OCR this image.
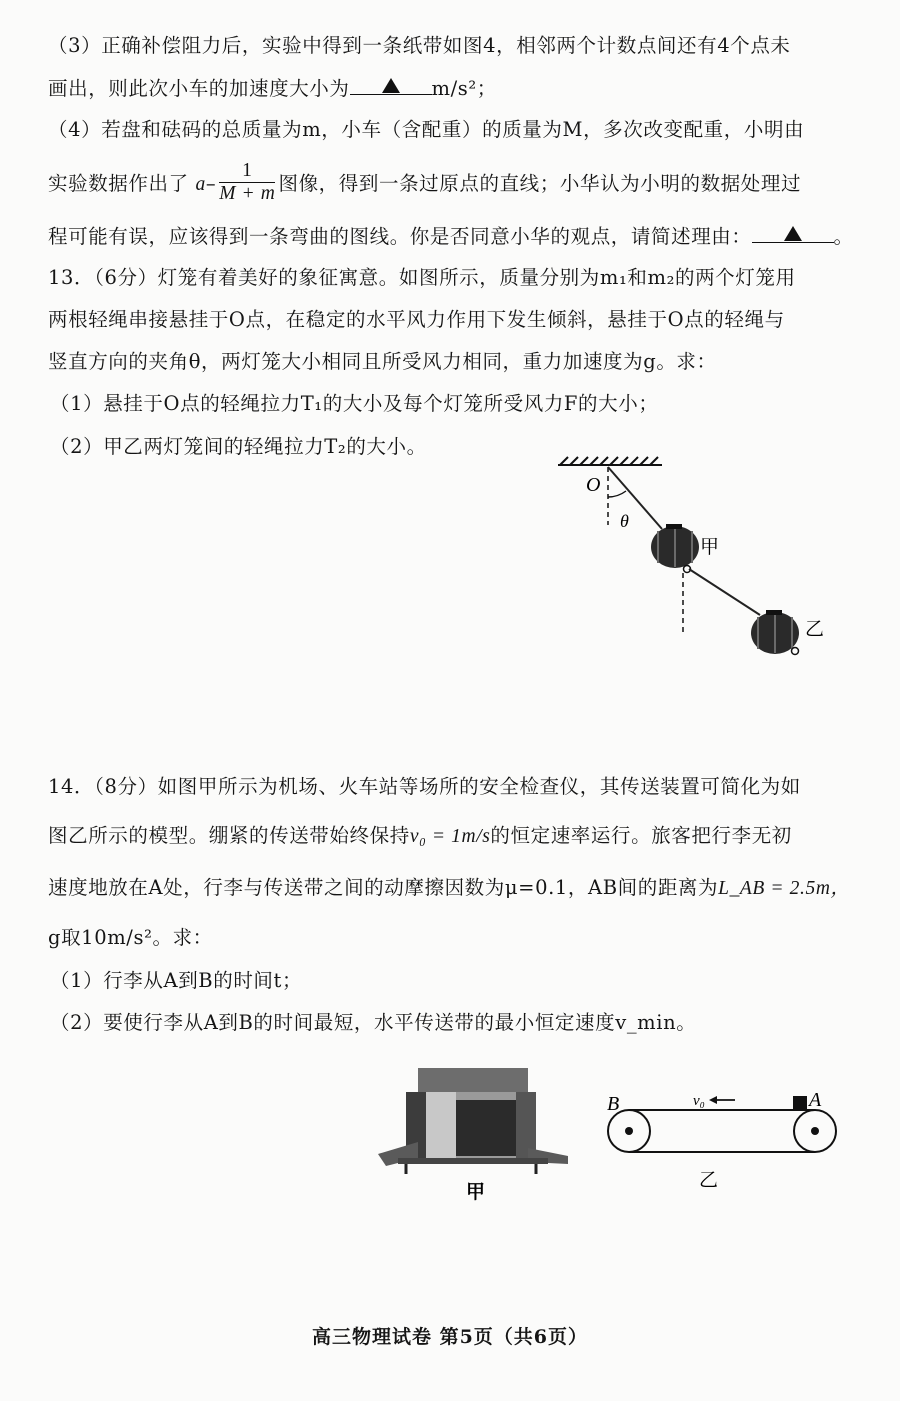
（3）正确补偿阻力后，实验中得到一条纸带如图4，相邻两个计数点间还有4个点未
画出，则此次小车的加速度大小为	m/s²；
（4）若盘和砝码的总质量为m，小车（含配重）的质量为M，多次改变配重，小明由
实验数据作出了 $a- \frac{1}{M + m}$ 图像，得到一条过原点的直线；小华认为小明的数据处理过
程可能有误，应该得到一条弯曲的图线。你是否同意小华的观点，请简述理由：	。
13．（6分）灯笼有着美好的象征寓意。如图所示，质量分别为m₁和m₂的两个灯笼用
两根轻绳串接悬挂于O点，在稳定的水平风力作用下发生倾斜，悬挂于O点的轻绳与
竖直方向的夹角θ，两灯笼大小相同且所受风力相同，重力加速度为g。求：
（1）悬挂于O点的轻绳拉力T₁的大小及每个灯笼所受风力F的大小；
（2）甲乙两灯笼间的轻绳拉力T₂的大小。
O
θ
甲
乙
14．（8分）如图甲所示为机场、火车站等场所的安全检查仪，其传送装置可简化为如
图乙所示的模型。绷紧的传送带始终保持v₀ = 1m/s的恒定速率运行。旅客把行李无初
速度地放在A处，行李与传送带之间的动摩擦因数为μ=0.1，AB间的距离为L_AB = 2.5m，
g取10m/s²。求：
（1）行李从A到B的时间t；
（2）要使行李从A到B的时间最短，水平传送带的最小恒定速度v_min。
甲
v₀	A
B
乙
高三物理试卷 第5页（共6页）
